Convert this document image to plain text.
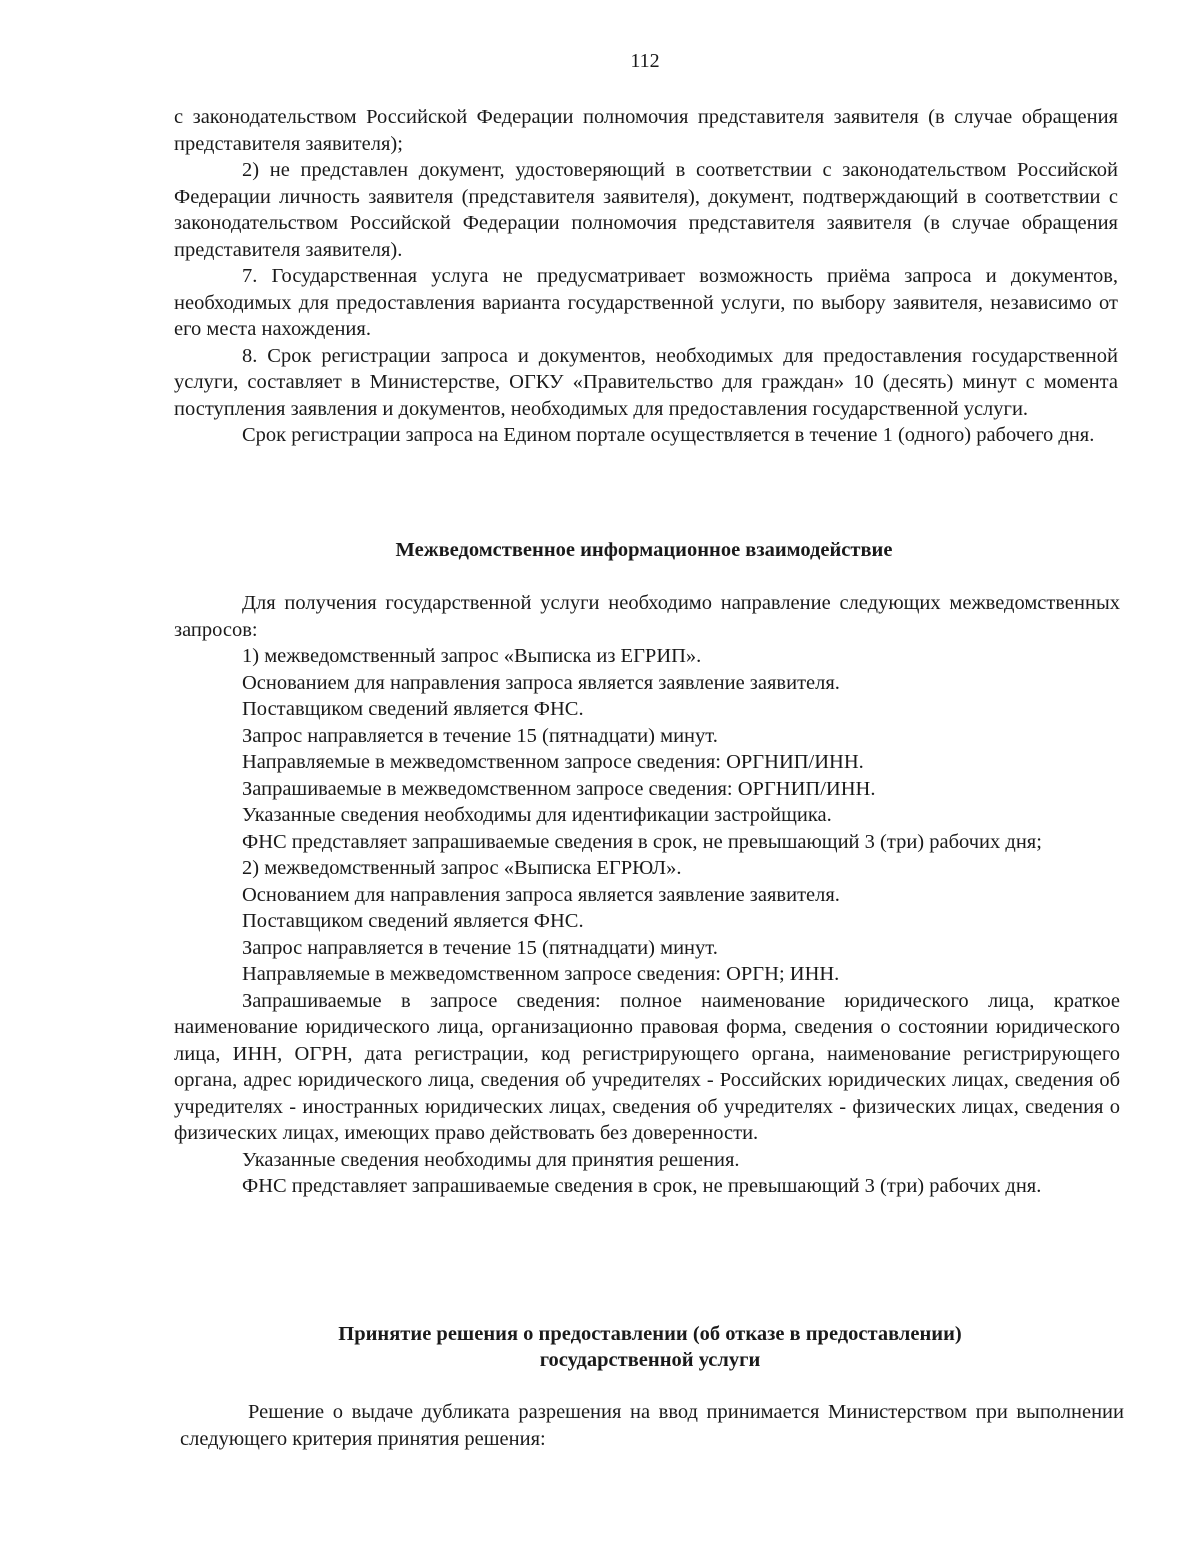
112

с законодательством Российской Федерации полномочия представителя заявителя (в случае обращения представителя заявителя);

2) не представлен документ, удостоверяющий в соответствии с законодательством Российской Федерации личность заявителя (представителя заявителя), документ, подтверждающий в соответствии с законодательством Российской Федерации полномочия представителя заявителя (в случае обращения представителя заявителя).

7. Государственная услуга не предусматривает возможность приёма запроса и документов, необходимых для предоставления варианта государственной услуги, по выбору заявителя, независимо от его места нахождения.

8. Срок регистрации запроса и документов, необходимых для предоставления государственной услуги, составляет в Министерстве, ОГКУ «Правительство для граждан» 10 (десять) минут с момента поступления заявления и документов, необходимых для предоставления государственной услуги.

Срок регистрации запроса на Едином портале осуществляется в течение 1 (одного) рабочего дня.

Межведомственное информационное взаимодействие

Для получения государственной услуги необходимо направление следующих межведомственных запросов:

1) межведомственный запрос «Выписка из ЕГРИП».

Основанием для направления запроса является заявление заявителя.

Поставщиком сведений является ФНС.

Запрос направляется в течение 15 (пятнадцати) минут.

Направляемые в межведомственном запросе сведения: ОРГНИП/ИНН.

Запрашиваемые в межведомственном запросе сведения: ОРГНИП/ИНН.

Указанные сведения необходимы для идентификации застройщика.

ФНС представляет запрашиваемые сведения в срок, не превышающий 3 (три) рабочих дня;

2) межведомственный запрос «Выписка ЕГРЮЛ».

Основанием для направления запроса является заявление заявителя.

Поставщиком сведений является ФНС.

Запрос направляется в течение 15 (пятнадцати) минут.

Направляемые в межведомственном запросе сведения: ОРГН; ИНН.

Запрашиваемые в запросе сведения: полное наименование юридического лица, краткое наименование юридического лица, организационно правовая форма, сведения о состоянии юридического лица, ИНН, ОГРН, дата регистрации, код регистрирующего органа, наименование регистрирующего органа, адрес юридического лица, сведения об учредителях - Российских юридических лицах, сведения об учредителях - иностранных юридических лицах, сведения об учредителях - физических лицах, сведения о физических лицах, имеющих право действовать без доверенности.

Указанные сведения необходимы для принятия решения.

ФНС представляет запрашиваемые сведения в срок, не превышающий 3 (три) рабочих дня.

Принятие решения о предоставлении (об отказе в предоставлении)
государственной услуги

Решение о выдаче дубликата разрешения на ввод принимается Министерством при выполнении следующего критерия принятия решения:
